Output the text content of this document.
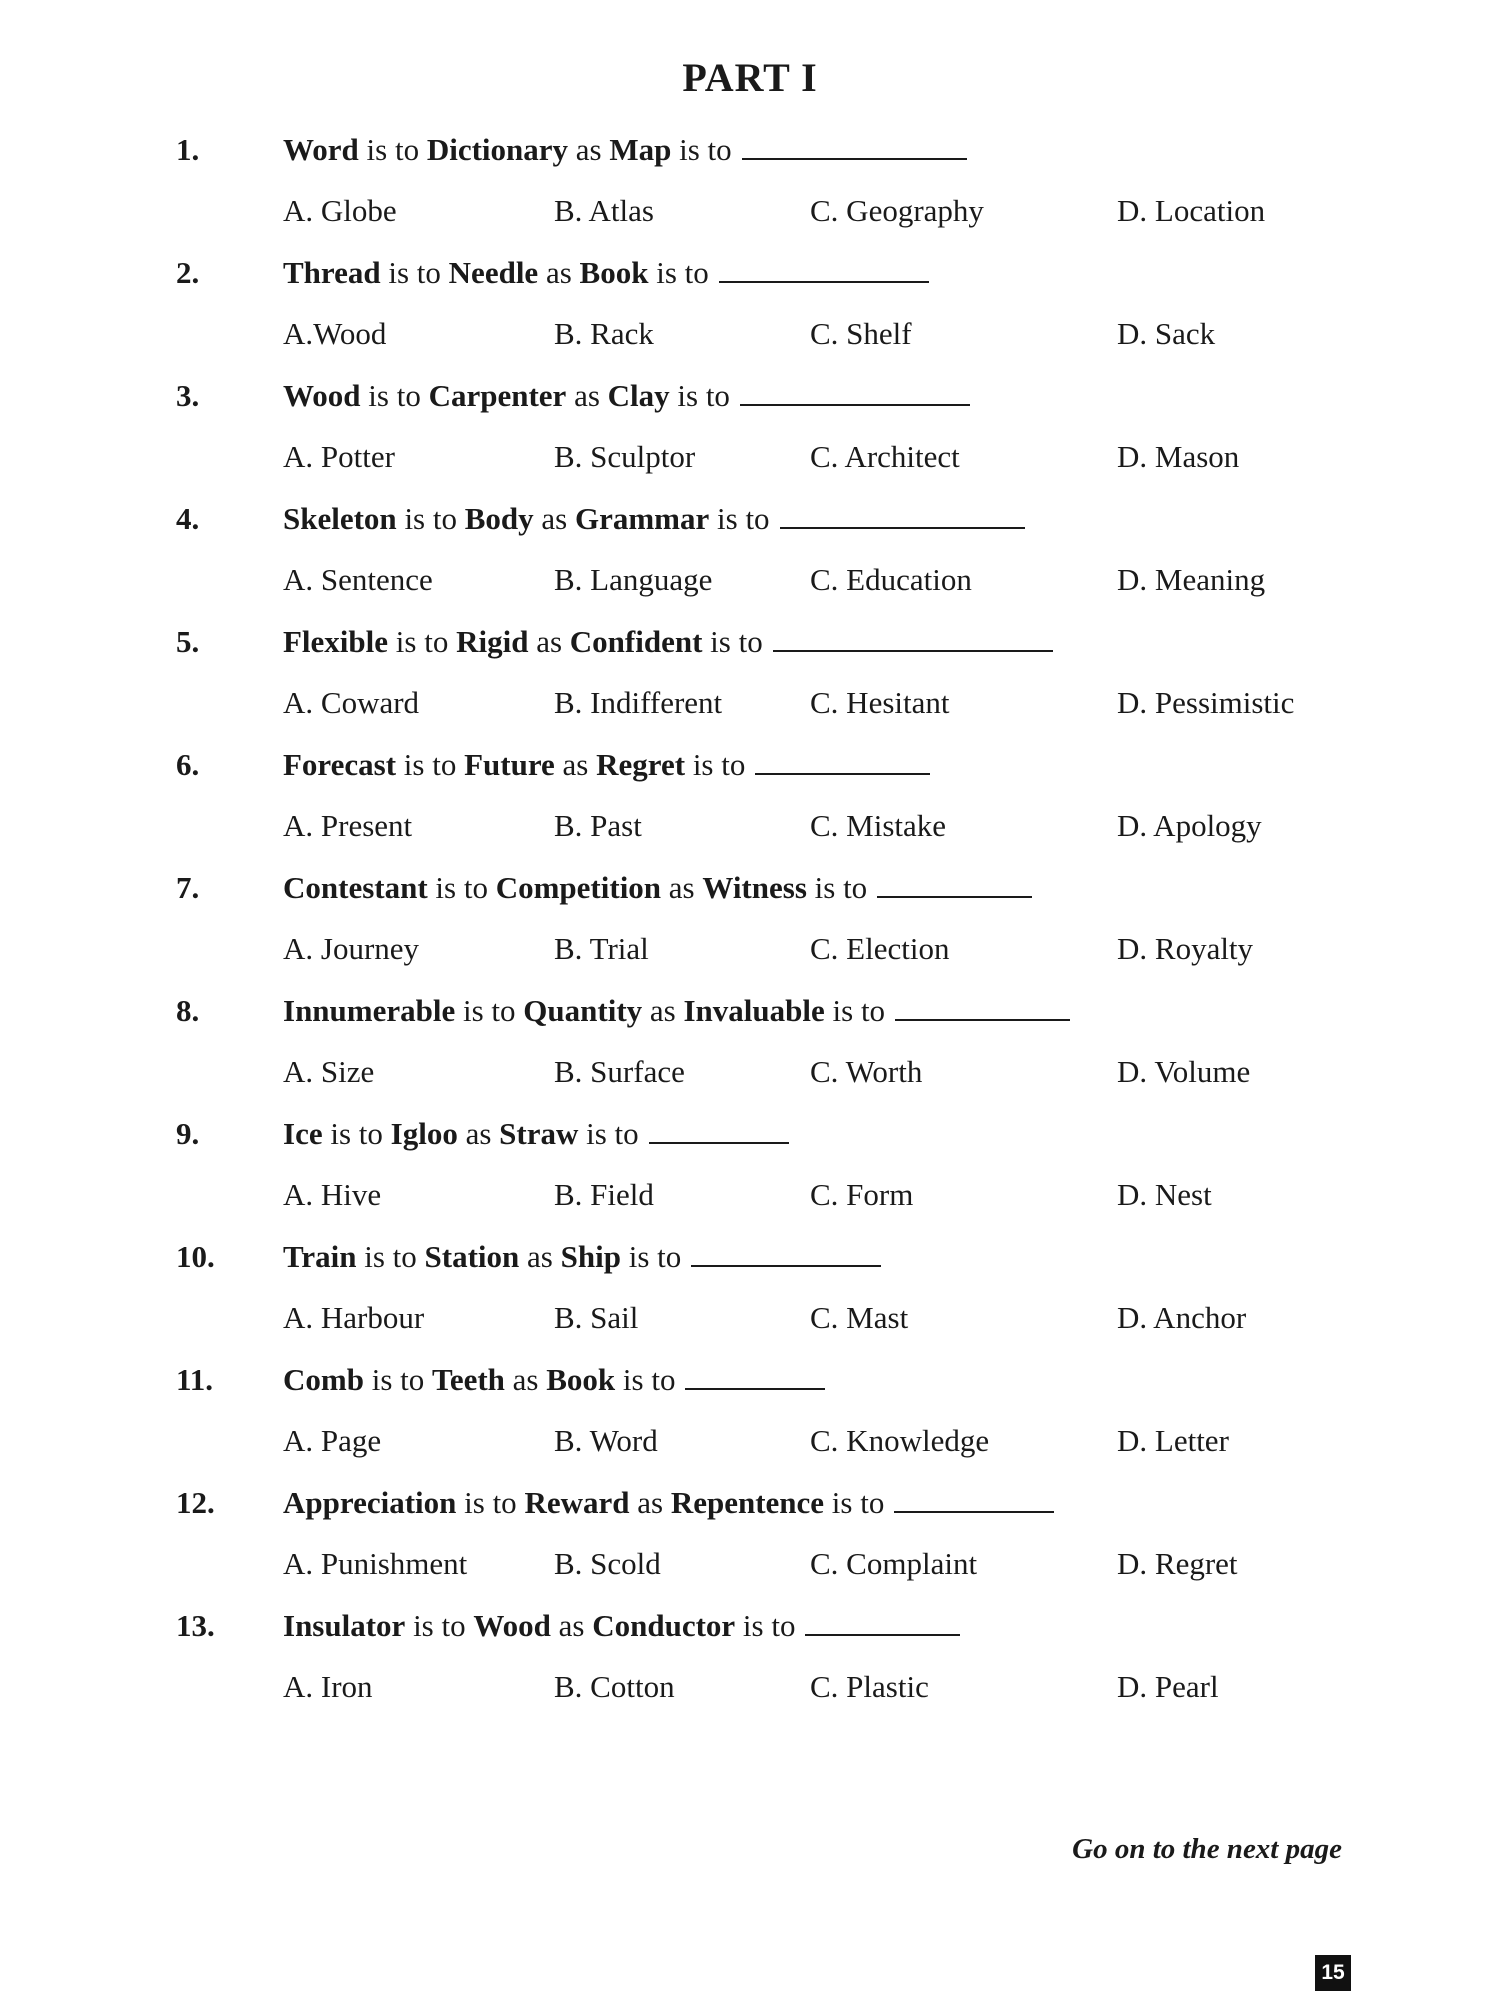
PART I
1.	Word is to Dictionary as Map is to
A. Globe	B. Atlas	C. Geography	D. Location
2.	Thread is to Needle as Book is to
A.Wood	B. Rack	C. Shelf	D. Sack
3.	Wood is to Carpenter as Clay is to
A. Potter	B. Sculptor	C. Architect	D. Mason
4.	Skeleton is to Body as Grammar is to
A. Sentence	B. Language	C. Education	D. Meaning
5.	Flexible is to Rigid as Confident is to
A. Coward	B. Indifferent	C. Hesitant	D. Pessimistic
6.	Forecast is to Future as Regret is to
A. Present	B. Past	C. Mistake	D. Apology
7.	Contestant is to Competition as Witness is to
A. Journey	B. Trial	C. Election	D. Royalty
8.	Innumerable is to Quantity as Invaluable is to
A. Size	B. Surface	C. Worth	D. Volume
9.	Ice is to Igloo as Straw is to
A. Hive	B. Field	C. Form	D. Nest
10.	Train is to Station as Ship is to
A. Harbour	B. Sail	C. Mast	D. Anchor
11.	Comb is to Teeth as Book is to
A. Page	B. Word	C. Knowledge	D. Letter
12.	Appreciation is to Reward as Repentence is to
A. Punishment	B. Scold	C. Complaint	D. Regret
13.	Insulator is to Wood as Conductor is to
A. Iron	B. Cotton	C. Plastic	D. Pearl
Go on to the next page
15
